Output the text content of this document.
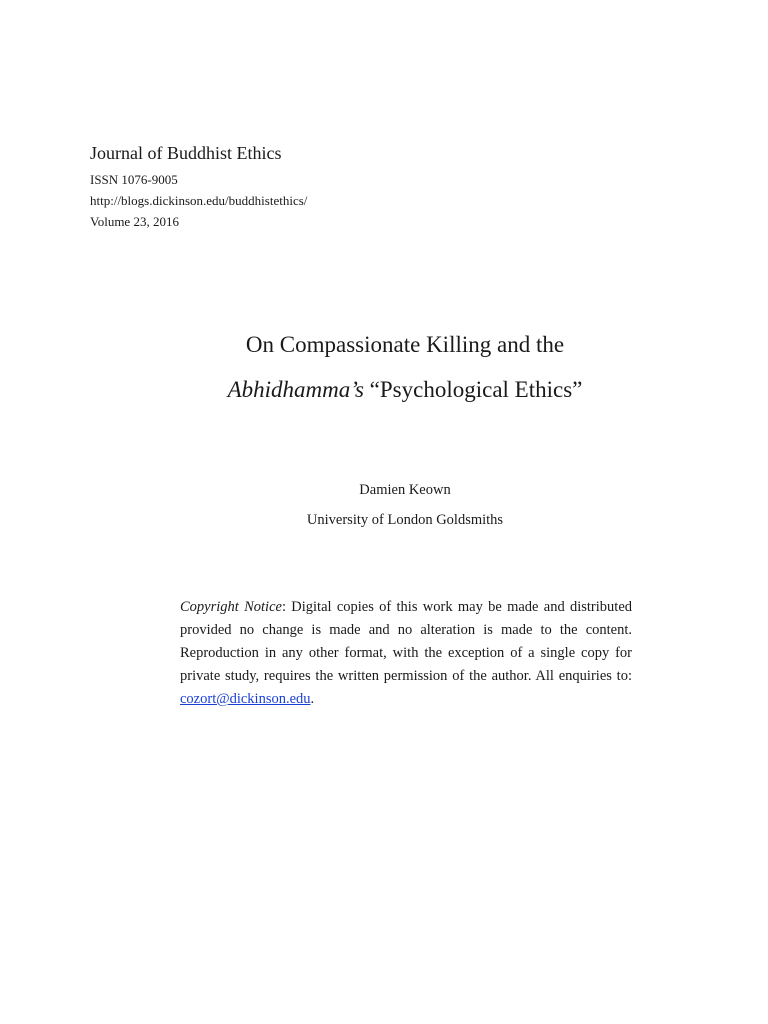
Journal of Buddhist Ethics
ISSN 1076-9005
http://blogs.dickinson.edu/buddhistethics/
Volume 23, 2016
On Compassionate Killing and the
Abhidhamma’s “Psychological Ethics”
Damien Keown
University of London Goldsmiths
Copyright Notice: Digital copies of this work may be made and distributed provided no change is made and no alteration is made to the content. Reproduction in any other format, with the exception of a single copy for private study, requires the written permission of the author. All enquiries to: cozort@dickinson.edu.
